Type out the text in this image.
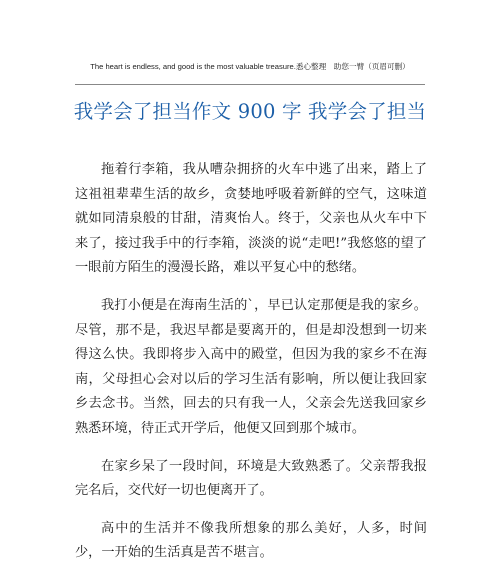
The heart is endless, and good is the most valuable treasure.悉心整理　助您一臂（页眉可删）
我学会了担当作文 900 字 我学会了担当

拖着行李箱，我从嘈杂拥挤的火车中逃了出来，踏上了这祖祖辈辈生活的故乡，贪婪地呼吸着新鲜的空气，这味道就如同清泉般的甘甜，清爽怡人。终于，父亲也从火车中下来了，接过我手中的行李箱，淡淡的说“走吧!”我悠悠的望了一眼前方陌生的漫漫长路，难以平复心中的愁绪。

我打小便是在海南生活的`，早已认定那便是我的家乡。尽管，那不是，我迟早都是要离开的，但是却没想到一切来得这么快。我即将步入高中的殿堂，但因为我的家乡不在海南，父母担心会对以后的学习生活有影响，所以便让我回家乡去念书。当然，回去的只有我一人，父亲会先送我回家乡熟悉环境，待正式开学后，他便又回到那个城市。

在家乡呆了一段时间，环境是大致熟悉了。父亲帮我报完名后，交代好一切也便离开了。

高中的生活并不像我所想象的那么美好，人多，时间少，一开始的生活真是苦不堪言。
